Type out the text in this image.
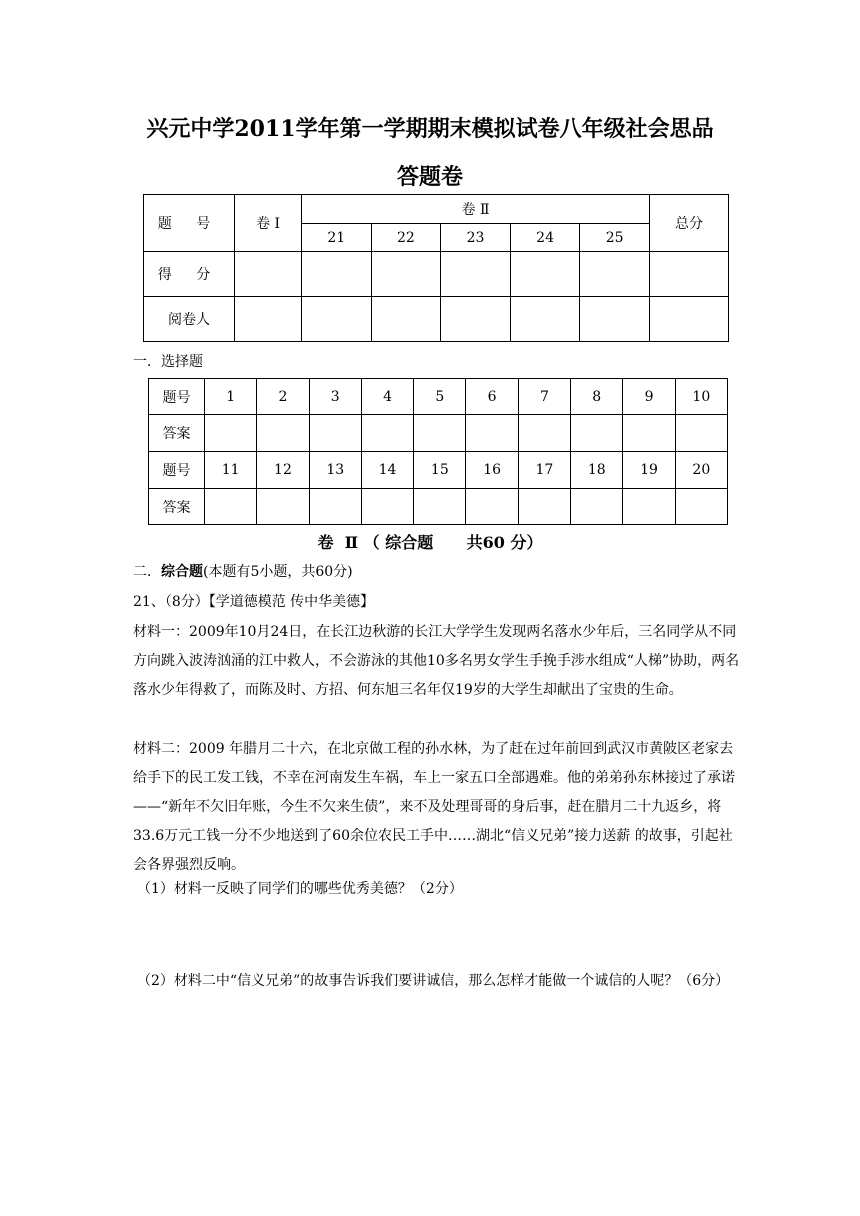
兴元中学2011学年第一学期期末模拟试卷八年级社会思品
答题卷
题 号	卷 Ⅰ	卷 Ⅱ					总分
		21	22	23	24	25	
得 分							
阅卷人							
一．选择题
题号	1	2	3	4	5	6	7	8	9	10
答案										
题号	11	12	13	14	15	16	17	18	19	20
答案										
卷  Ⅱ （ 综合题      共60 分）
二．综合题(本题有5小题，共60分)
21、（8分）【学道德模范 传中华美德】
材料一：2009年10月24日，在长江边秋游的长江大学学生发现两名落水少年后，三名同学从不同方向跳入波涛汹涌的江中救人，不会游泳的其他10多名男女学生手挽手涉水组成“人梯”协助，两名落水少年得救了，而陈及时、方招、何东旭三名年仅19岁的大学生却献出了宝贵的生命。
材料二：2009 年腊月二十六，在北京做工程的孙水林，为了赶在过年前回到武汉市黄陂区老家去给手下的民工发工钱，不幸在河南发生车祸，车上一家五口全部遇难。他的弟弟孙东林接过了承诺——“新年不欠旧年账，今生不欠来生债”，来不及处理哥哥的身后事，赶在腊月二十九返乡，将33.6万元工钱一分不少地送到了60余位农民工手中……湖北“信义兄弟”接力送薪 的故事，引起社会各界强烈反响。
（1）材料一反映了同学们的哪些优秀美德？（2分）
（2）材料二中“信义兄弟”的故事告诉我们要讲诚信，那么怎样才能做一个诚信的人呢？（6分）
